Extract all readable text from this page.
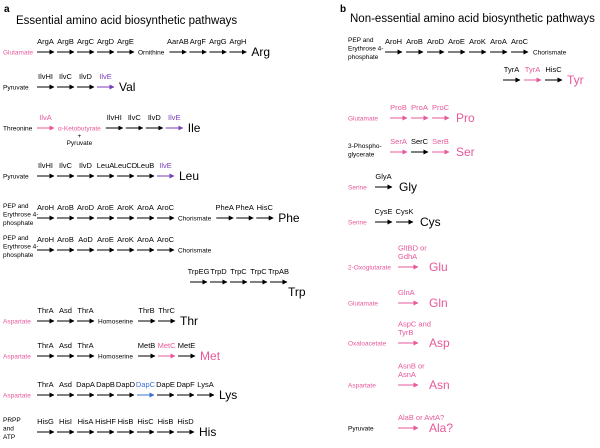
a
Essential amino acid biosynthetic pathways
b
Non-essential amino acid biosynthetic pathways
Glutamate
ArgA ArgB ArgC ArgD ArgE
Ornithine
AarAB ArgF ArgG ArgH
Arg
Pyruvate
IlvHI IlvC IlvD IlvE
Val
Threonine
IlvA
α-Ketobutyrate
+
Pyruvate
IlvHI IlvC IlvD IlvE
Ile
Pyruvate
IlvHI IlvC IlvD LeuA LeuCD LeuB IlvE
Leu
PEP and
Erythrose 4-
phosphate
AroH AroB AroD AroE AroK AroA AroC
Chorismate
PheA PheA HisC
Phe
PEP and
Erythrose 4-
phosphate
AroH AroB AoD AroE AroK AroA AroC
Chorismate
TrpEG TrpD TrpC TrpC TrpAB
Trp
Aspartate
ThrA Asd ThrA
Homoserine
ThrB ThrC
Thr
Aspartate
ThrA Asd ThrA
Homoserine
MetB MetC MetE
Met
Aspartate
ThrA Asd DapA DapB DapD DapC DapE DapF LysA
Lys
PRPP
and
ATP
HisG HisI HisA HisHF HisB HisC HisB HisD
His
PEP and
Erythrose 4-
phosphate
AroH AroB AroD AroE AroK AroA AroC
Chorismate
TyrA TyrA HisC
Tyr
Glutamate
ProB ProA ProC
Pro
3-Phospho-
glycerate
SerA SerC SerB
Ser
Serine
GlyA
Gly
Serine
CysE CysK
Cys
2-Oxoglutarate
GltBD or
GdhA
Glu
Glutamate
GlnA
Gln
Oxaloacetate
AspC and
TyrB
Asp
Aspartate
AsnB or
AsnA
Asn
Pyruvate
AlaB or AvtA?
Ala?
